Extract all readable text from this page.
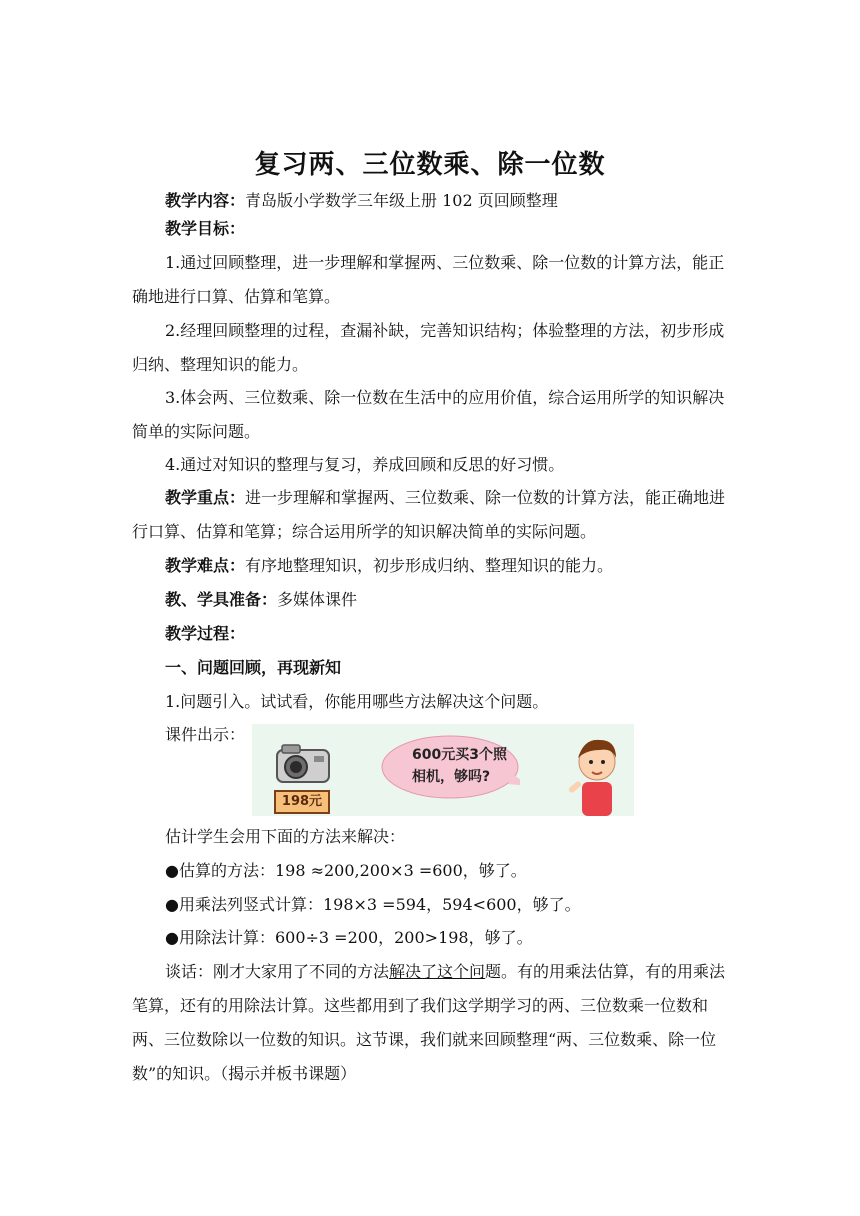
复习两、三位数乘、除一位数
教学内容：青岛版小学数学三年级上册 102 页回顾整理
教学目标：
1.通过回顾整理，进一步理解和掌握两、三位数乘、除一位数的计算方法，能正确地进行口算、估算和笔算。
2.经理回顾整理的过程，查漏补缺，完善知识结构；体验整理的方法，初步形成归纳、整理知识的能力。
3.体会两、三位数乘、除一位数在生活中的应用价值，综合运用所学的知识解决简单的实际问题。
4.通过对知识的整理与复习，养成回顾和反思的好习惯。
教学重点：进一步理解和掌握两、三位数乘、除一位数的计算方法，能正确地进行口算、估算和笔算；综合运用所学的知识解决简单的实际问题。
教学难点：有序地整理知识，初步形成归纳、整理知识的能力。
教、学具准备：多媒体课件
教学过程：
一、问题回顾，再现新知
1.问题引入。试试看，你能用哪些方法解决这个问题。
课件出示：
198元
600元买3个照
相机，够吗?
估计学生会用下面的方法来解决：
●估算的方法：198 ≈200,200×3 =600，够了。
●用乘法列竖式计算：198×3 =594，594<600，够了。
●用除法计算：600÷3 =200，200>198，够了。
谈话：刚才大家用了不同的方法解决了这个问题。有的用乘法估算，有的用乘法笔算，还有的用除法计算。这些都用到了我们这学期学习的两、三位数乘一位数和两、三位数除以一位数的知识。这节课，我们就来回顾整理“两、三位数乘、除一位数”的知识。（揭示并板书课题）
